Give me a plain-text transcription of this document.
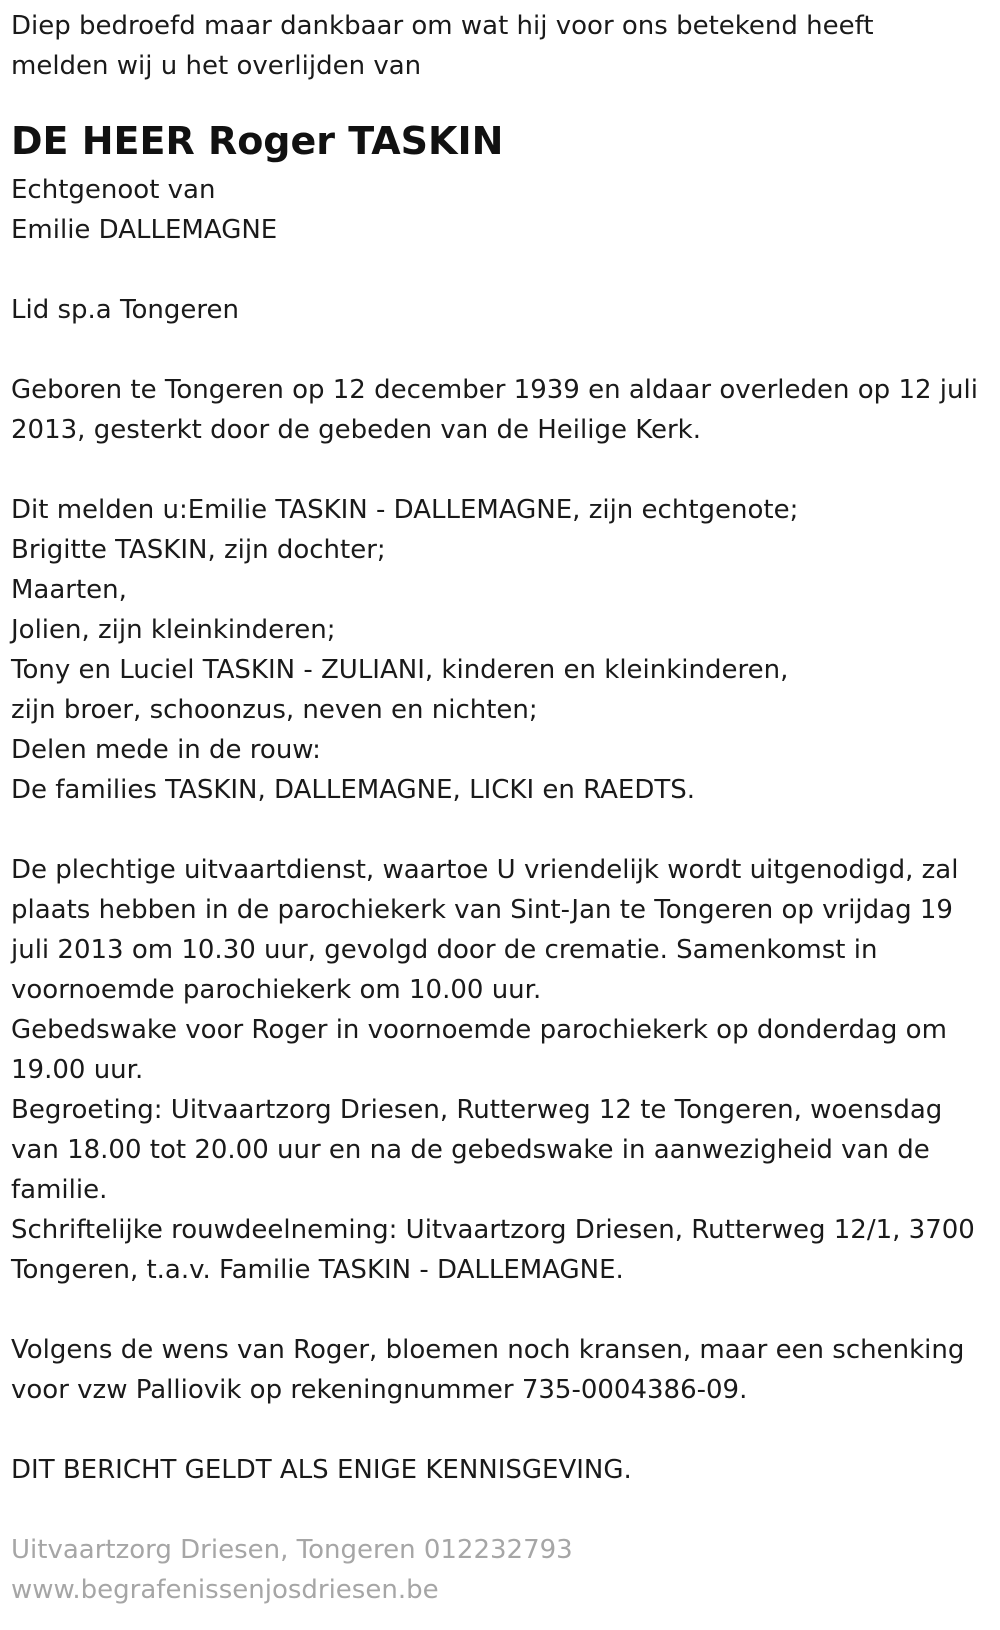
Diep bedroefd maar dankbaar om wat hij voor ons betekend heeft
melden wij u het overlijden van
DE HEER Roger TASKIN
Echtgenoot van
Emilie DALLEMAGNE
Lid sp.a Tongeren
Geboren te Tongeren op 12 december 1939 en aldaar overleden op 12 juli
2013, gesterkt door de gebeden van de Heilige Kerk.
Dit melden u:Emilie TASKIN - DALLEMAGNE, zijn echtgenote;
Brigitte TASKIN, zijn dochter;
Maarten,
Jolien, zijn kleinkinderen;
Tony en Luciel TASKIN - ZULIANI, kinderen en kleinkinderen,
zijn broer, schoonzus, neven en nichten;
Delen mede in de rouw:
De families TASKIN, DALLEMAGNE, LICKI en RAEDTS.
De plechtige uitvaartdienst, waartoe U vriendelijk wordt uitgenodigd, zal
plaats hebben in de parochiekerk van Sint-Jan te Tongeren op vrijdag 19
juli 2013 om 10.30 uur, gevolgd door de crematie. Samenkomst in
voornoemde parochiekerk om 10.00 uur.
Gebedswake voor Roger in voornoemde parochiekerk op donderdag om
19.00 uur.
Begroeting: Uitvaartzorg Driesen, Rutterweg 12 te Tongeren, woensdag
van 18.00 tot 20.00 uur en na de gebedswake in aanwezigheid van de
familie.
Schriftelijke rouwdeelneming: Uitvaartzorg Driesen, Rutterweg 12/1, 3700
Tongeren, t.a.v. Familie TASKIN - DALLEMAGNE.
Volgens de wens van Roger, bloemen noch kransen, maar een schenking
voor vzw Palliovik op rekeningnummer 735-0004386-09.
DIT BERICHT GELDT ALS ENIGE KENNISGEVING.
Uitvaartzorg Driesen, Tongeren 012232793
www.begrafenissenjosdriesen.be
